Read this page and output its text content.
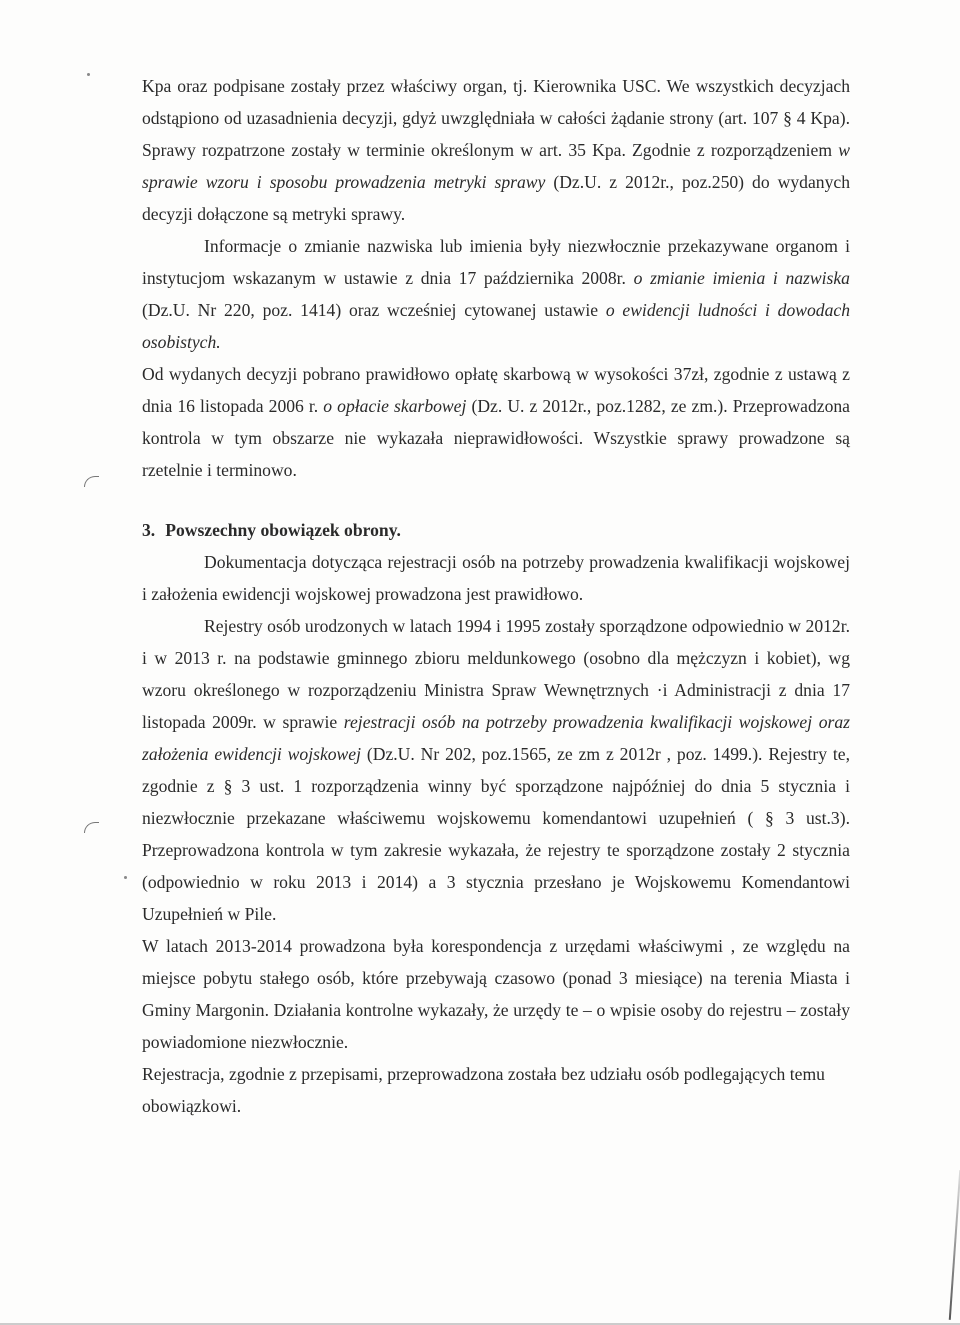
Kpa oraz podpisane zostały przez właściwy organ, tj. Kierownika USC. We wszystkich decyzjach odstąpiono od uzasadnienia decyzji, gdyż uwzględniała w całości żądanie strony (art. 107 § 4 Kpa). Sprawy rozpatrzone zostały w terminie określonym w art. 35 Kpa. Zgodnie z rozporządzeniem w sprawie wzoru i sposobu prowadzenia metryki sprawy (Dz.U. z 2012r., poz.250) do wydanych decyzji dołączone są metryki sprawy.

Informacje o zmianie nazwiska lub imienia były niezwłocznie przekazywane organom i instytucjom wskazanym w ustawie z dnia 17 października 2008r. o zmianie imienia i nazwiska (Dz.U. Nr 220, poz. 1414) oraz wcześniej cytowanej ustawie o ewidencji ludności i dowodach osobistych.

Od wydanych decyzji pobrano prawidłowo opłatę skarbową w wysokości 37zł, zgodnie z ustawą z dnia 16 listopada 2006 r. o opłacie skarbowej (Dz. U. z 2012r., poz.1282, ze zm.). Przeprowadzona kontrola w tym obszarze nie wykazała nieprawidłowości. Wszystkie sprawy prowadzone są rzetelnie i terminowo.

3. Powszechny obowiązek obrony.

Dokumentacja dotycząca rejestracji osób na potrzeby prowadzenia kwalifikacji wojskowej i założenia ewidencji wojskowej prowadzona jest prawidłowo.

Rejestry osób urodzonych w latach 1994 i 1995 zostały sporządzone odpowiednio w 2012r. i w 2013 r. na podstawie gminnego zbioru meldunkowego (osobno dla mężczyzn i kobiet), wg wzoru określonego w rozporządzeniu Ministra Spraw Wewnętrznych ·i Administracji z dnia 17 listopada 2009r. w sprawie rejestracji osób na potrzeby prowadzenia kwalifikacji wojskowej oraz założenia ewidencji wojskowej (Dz.U. Nr 202, poz.1565, ze zm z 2012r , poz. 1499.). Rejestry te, zgodnie z § 3 ust. 1 rozporządzenia winny być sporządzone najpóźniej do dnia 5 stycznia i niezwłocznie przekazane właściwemu wojskowemu komendantowi uzupełnień ( § 3 ust.3). Przeprowadzona kontrola w tym zakresie wykazała, że rejestry te sporządzone zostały 2 stycznia (odpowiednio w roku 2013 i 2014) a 3 stycznia przesłano je Wojskowemu Komendantowi Uzupełnień w Pile.

W latach 2013-2014 prowadzona była korespondencja z urzędami właściwymi , ze względu na miejsce pobytu stałego osób, które przebywają czasowo (ponad 3 miesiące) na terenia Miasta i Gminy Margonin. Działania kontrolne wykazały, że urzędy te – o wpisie osoby do rejestru – zostały powiadomione niezwłocznie.

Rejestracja, zgodnie z przepisami, przeprowadzona została bez udziału osób podlegających temu obowiązkowi.
